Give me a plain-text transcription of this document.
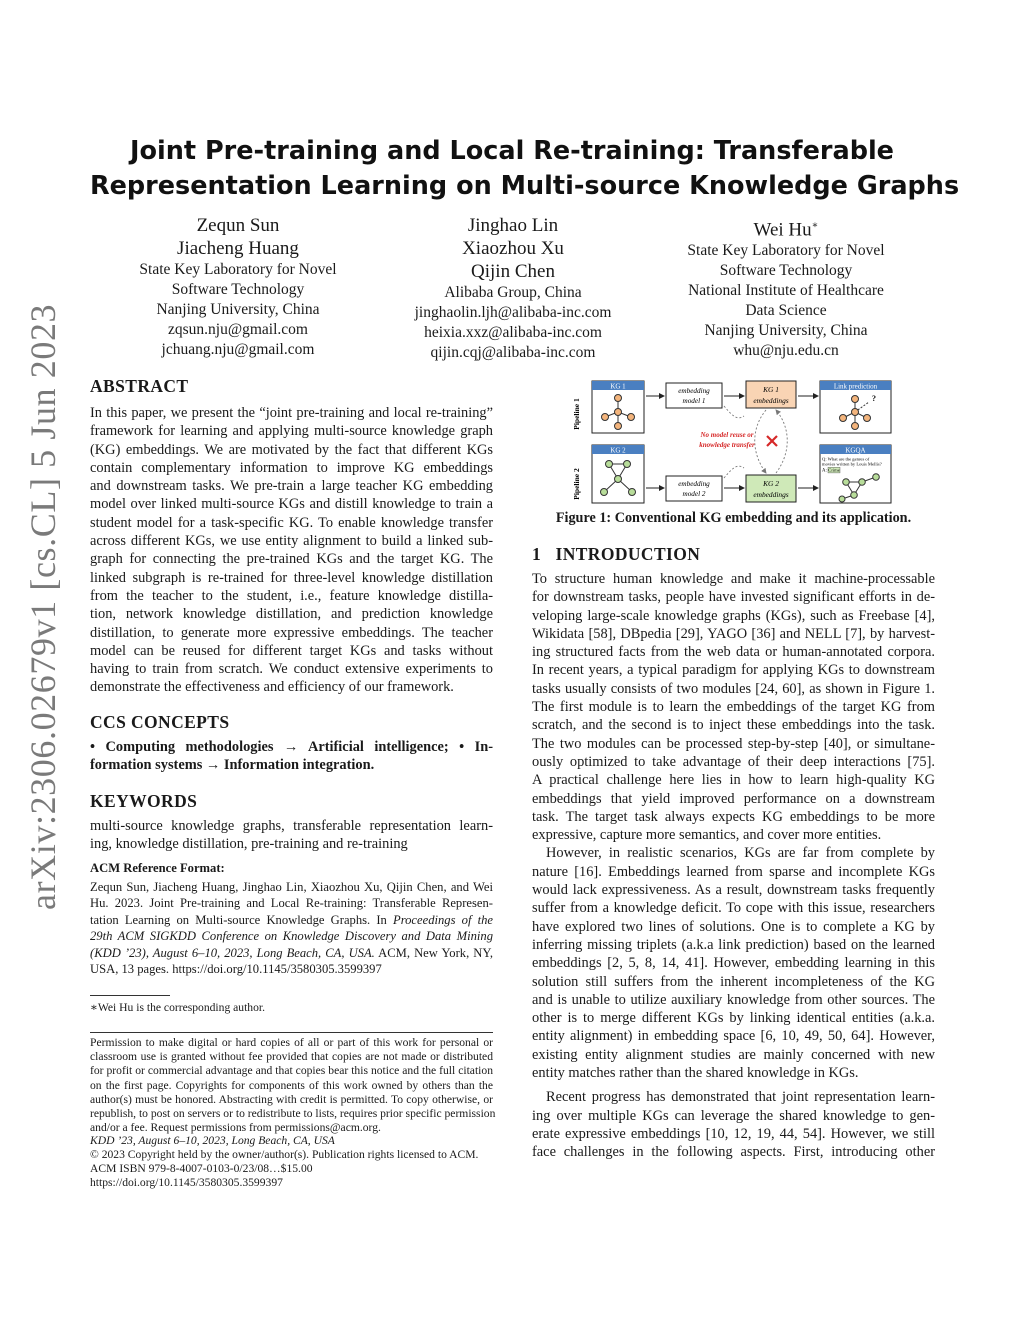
arXiv:2306.02679v1 [cs.CL] 5 Jun 2023
Joint Pre-training and Local Re-training: Transferable
Representation Learning on Multi-source Knowledge Graphs
Zequn Sun
Jiacheng Huang
State Key Laboratory for Novel
Software Technology
Nanjing University, China
zqsun.nju@gmail.com
jchuang.nju@gmail.com
Jinghao Lin
Xiaozhou Xu
Qijin Chen
Alibaba Group, China
jinghaolin.ljh@alibaba-inc.com
heixia.xxz@alibaba-inc.com
qijin.cqj@alibaba-inc.com
Wei Hu∗
State Key Laboratory for Novel
Software Technology
National Institute of Healthcare
Data Science
Nanjing University, China
whu@nju.edu.cn
ABSTRACT
In this paper, we present the “joint pre-training and local re-training”
framework for learning and applying multi-source knowledge graph
(KG) embeddings. We are motivated by the fact that different KGs
contain complementary information to improve KG embeddings
and downstream tasks. We pre-train a large teacher KG embedding
model over linked multi-source KGs and distill knowledge to train a
student model for a task-specific KG. To enable knowledge transfer
across different KGs, we use entity alignment to build a linked sub-
graph for connecting the pre-trained KGs and the target KG. The
linked subgraph is re-trained for three-level knowledge distillation
from the teacher to the student, i.e., feature knowledge distilla-
tion, network knowledge distillation, and prediction knowledge
distillation, to generate more expressive embeddings. The teacher
model can be reused for different target KGs and tasks without
having to train from scratch. We conduct extensive experiments to
demonstrate the effectiveness and efficiency of our framework.
CCS CONCEPTS
• Computing methodologies → Artificial intelligence; • In-
formation systems → Information integration.
KEYWORDS
multi-source knowledge graphs, transferable representation learn-
ing, knowledge distillation, pre-training and re-training
ACM Reference Format:
Zequn Sun, Jiacheng Huang, Jinghao Lin, Xiaozhou Xu, Qijin Chen, and Wei
Hu. 2023. Joint Pre-training and Local Re-training: Transferable Represen-
tation Learning on Multi-source Knowledge Graphs. In Proceedings of the
29th ACM SIGKDD Conference on Knowledge Discovery and Data Mining
(KDD ’23), August 6–10, 2023, Long Beach, CA, USA. ACM, New York, NY,
USA, 13 pages. https://doi.org/10.1145/3580305.3599397
∗Wei Hu is the corresponding author.
Permission to make digital or hard copies of all or part of this work for personal or
classroom use is granted without fee provided that copies are not made or distributed
for profit or commercial advantage and that copies bear this notice and the full citation
on the first page. Copyrights for components of this work owned by others than the
author(s) must be honored. Abstracting with credit is permitted. To copy otherwise, or
republish, to post on servers or to redistribute to lists, requires prior specific permission
and/or a fee. Request permissions from permissions@acm.org.
KDD ’23, August 6–10, 2023, Long Beach, CA, USA
© 2023 Copyright held by the owner/author(s). Publication rights licensed to ACM.
ACM ISBN 979-8-4007-0103-0/23/08…$15.00
https://doi.org/10.1145/3580305.3599397
Pipeline 1
Pipeline 2
KG 1
KG 2
embedding
model 1
embedding
model 2
KG 1
embeddings
KG 2
embeddings
No model reuse or
knowledge transfer
Link prediction
?
KGQA
Q: What are the genres of
movies written by Louis Mellis?
A: Crime
Figure 1: Conventional KG embedding and its application.
1 INTRODUCTION
To structure human knowledge and make it machine-processable
for downstream tasks, people have invested significant efforts in de-
veloping large-scale knowledge graphs (KGs), such as Freebase [4],
Wikidata [58], DBpedia [29], YAGO [36] and NELL [7], by harvest-
ing structured facts from the web data or human-annotated corpora.
In recent years, a typical paradigm for applying KGs to downstream
tasks usually consists of two modules [24, 60], as shown in Figure 1.
The first module is to learn the embeddings of the target KG from
scratch, and the second is to inject these embeddings into the task.
The two modules can be processed step-by-step [40], or simultane-
ously optimized to take advantage of their deep interactions [75].
A practical challenge here lies in how to learn high-quality KG
embeddings that yield improved performance on a downstream
task. The target task always expects KG embeddings to be more
expressive, capture more semantics, and cover more entities.
However, in realistic scenarios, KGs are far from complete by
nature [16]. Embeddings learned from sparse and incomplete KGs
would lack expressiveness. As a result, downstream tasks frequently
suffer from a knowledge deficit. To cope with this issue, researchers
have explored two lines of solutions. One is to complete a KG by
inferring missing triplets (a.k.a link prediction) based on the learned
embeddings [2, 5, 8, 14, 41]. However, embedding learning in this
solution still suffers from the inherent incompleteness of the KG
and is unable to utilize auxiliary knowledge from other sources. The
other is to merge different KGs by linking identical entities (a.k.a.
entity alignment) in embedding space [6, 10, 49, 50, 64]. However,
existing entity alignment studies are mainly concerned with new
entity matches rather than the shared knowledge in KGs.
Recent progress has demonstrated that joint representation learn-
ing over multiple KGs can leverage the shared knowledge to gen-
erate expressive embeddings [10, 12, 19, 44, 54]. However, we still
face challenges in the following aspects. First, introducing other
